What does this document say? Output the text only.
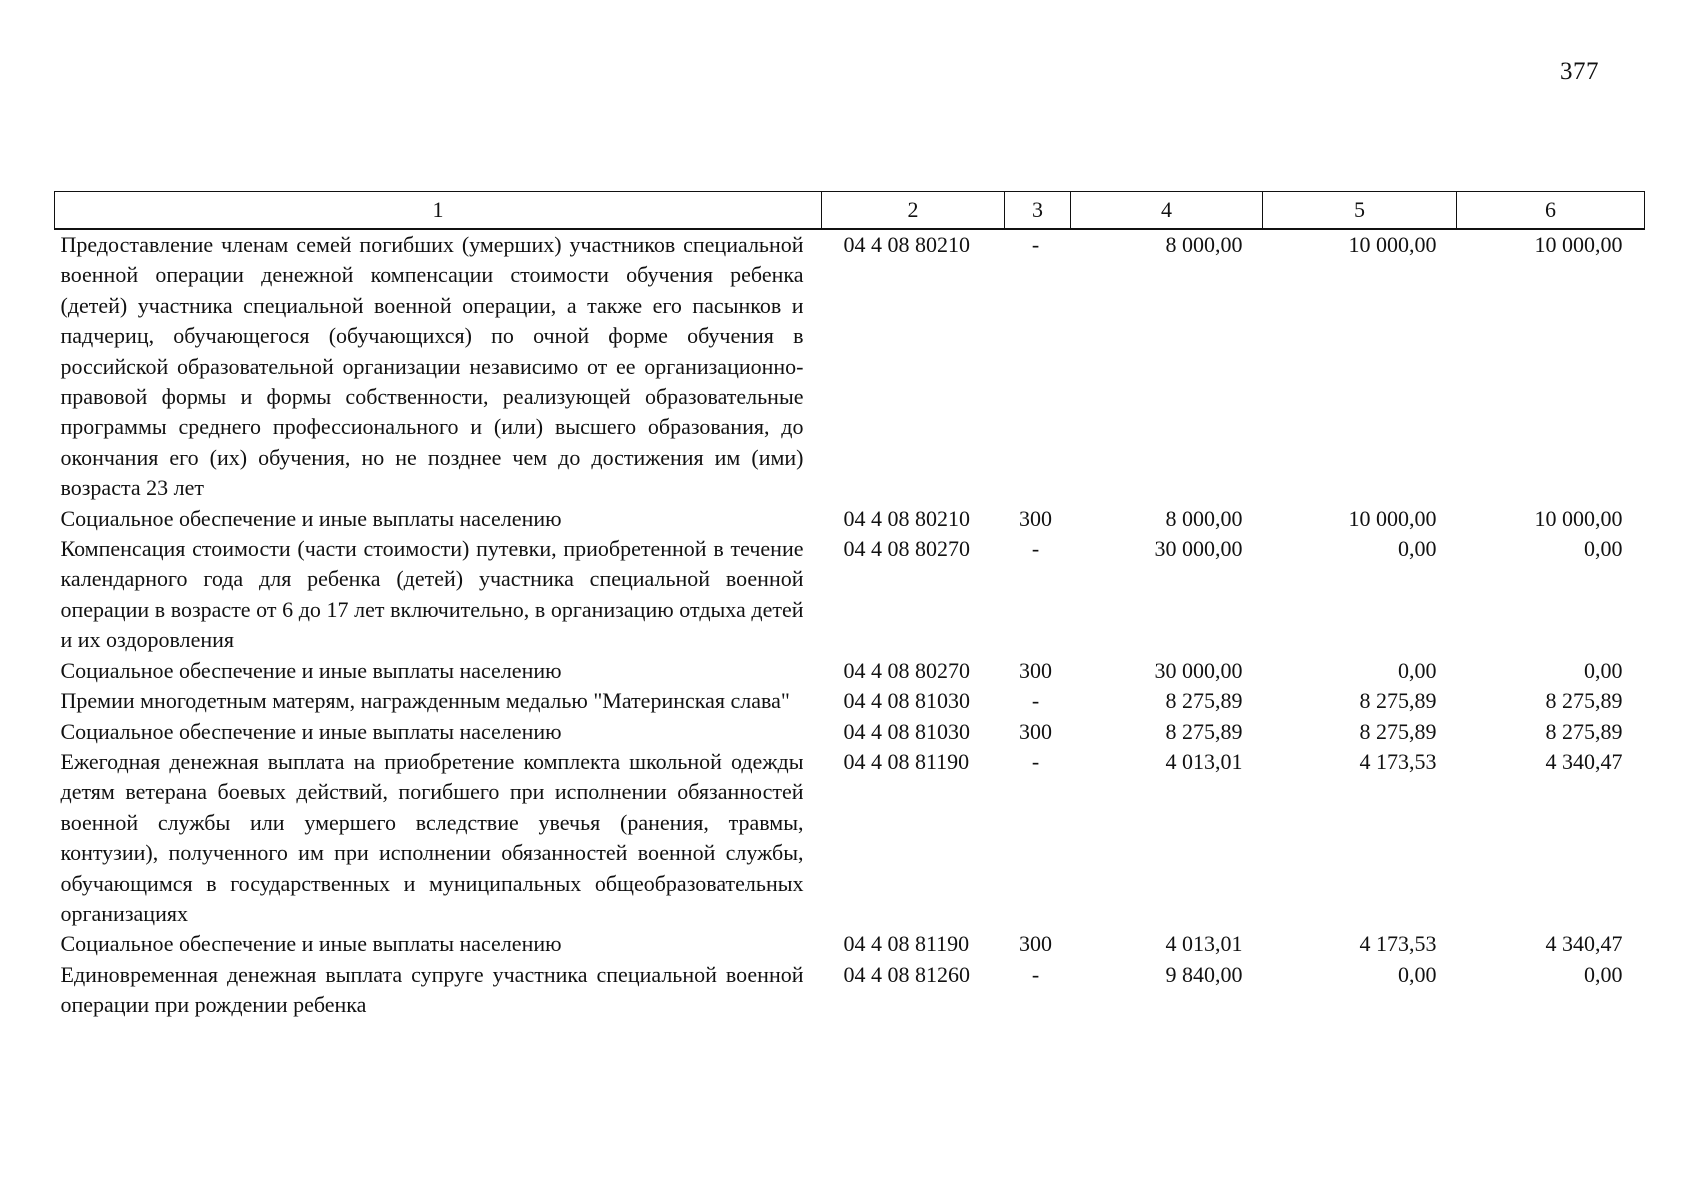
377
1	2	3	4	5	6
Предоставление членам семей погибших (умерших) участников специальной военной операции денежной компенсации стоимости обучения ребенка (детей) участника специальной военной операции, а также его пасынков и падчериц, обучающегося (обучающихся) по очной форме обучения в российской образовательной организации независимо от ее организационно-правовой формы и формы собственности, реализующей образовательные программы среднего профессионального и (или) высшего образования, до окончания его (их) обучения, но не позднее чем до достижения им (ими) возраста 23 лет	04 4 08 80210	-	8 000,00	10 000,00	10 000,00
Социальное обеспечение и иные выплаты населению	04 4 08 80210	300	8 000,00	10 000,00	10 000,00
Компенсация стоимости (части стоимости) путевки, приобретенной в течение календарного года для ребенка (детей) участника специальной военной операции в возрасте от 6 до 17 лет включительно, в организацию отдыха детей и их оздоровления	04 4 08 80270	-	30 000,00	0,00	0,00
Социальное обеспечение и иные выплаты населению	04 4 08 80270	300	30 000,00	0,00	0,00
Премии многодетным матерям, награжденным медалью "Материнская слава"	04 4 08 81030	-	8 275,89	8 275,89	8 275,89
Социальное обеспечение и иные выплаты населению	04 4 08 81030	300	8 275,89	8 275,89	8 275,89
Ежегодная денежная выплата на приобретение комплекта школьной одежды детям ветерана боевых действий, погибшего при исполнении обязанностей военной службы или умершего вследствие увечья (ранения, травмы, контузии), полученного им при исполнении обязанностей военной службы, обучающимся в государственных и муниципальных общеобразовательных организациях	04 4 08 81190	-	4 013,01	4 173,53	4 340,47
Социальное обеспечение и иные выплаты населению	04 4 08 81190	300	4 013,01	4 173,53	4 340,47
Единовременная денежная выплата супруге участника специальной военной операции при рождении ребенка	04 4 08 81260	-	9 840,00	0,00	0,00
